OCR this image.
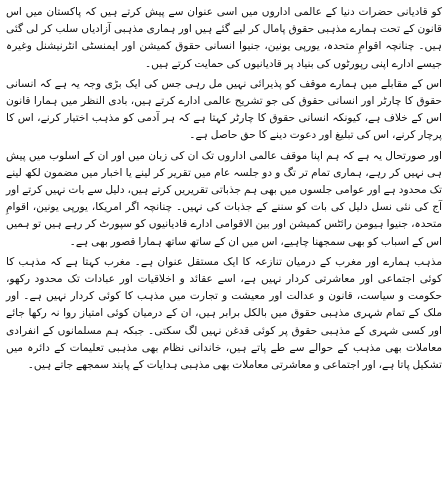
کو قادیانی حضرات دنیا کے عالمی اداروں میں اسی عنوان سے پیش کرتے ہیں کہ پاکستان میں اس قانون کے تحت ہمارے مذہبی حقوق پامال کر لیے گئے ہیں اور ہماری مذہبی آزادیاں سلب کر لی گئی ہیں۔ چنانچہ اقوامِ متحدہ، یورپی یونین، جنیوا انسانی حقوق کمیشن اور ایمنسٹی انٹرنیشنل وغیرہ جیسے ادارے اپنی رپورٹوں کی بنیاد پر قادیانیوں کی حمایت کرتے ہیں۔

اس کے مقابلے میں ہمارے موقف کو پذیرائی نہیں مل رہی جس کی ایک بڑی وجہ یہ ہے کہ انسانی حقوق کا چارٹر اور انسانی حقوق کی جو تشریح عالمی ادارے کرتے ہیں، بادی النظر میں ہمارا قانون اس کے خلاف ہے، کیونکہ انسانی حقوق کا چارٹر کہتا ہے کہ ہر آدمی کو مذہب اختیار کرنے، اس کا پرچار کرنے، اس کی تبلیغ اور دعوت دینے کا حق حاصل ہے۔

اور صورتحال یہ ہے کہ ہم اپنا موقف عالمی اداروں تک ان کی زبان میں اور ان کے اسلوب میں پیش ہی نہیں کر رہے، ہماری تمام تر تگ و دو جلسہ عام میں تقریر کر لینے یا اخبار میں مضمون لکھ لینے تک محدود ہے اور عوامی جلسوں میں بھی ہم جذباتی تقریریں کرتے ہیں، دلیل سے بات نہیں کرتے اور آج کی نئی نسل دلیل کی بات کو سننے کے جذبات کی نہیں۔ چنانچہ اگر امریکا، یورپی یونین، اقوامِ متحدہ، جنیوا ہیومن رائٹس کمیشن اور بین الاقوامی ادارے قادیانیوں کو سپورٹ کر رہے ہیں تو ہمیں اس کے اسباب کو بھی سمجھنا چاہیے، اس میں ان کے ساتھ ساتھ ہمارا قصور بھی ہے۔

مذہب ہمارے اور مغرب کے درمیان تنازعہ کا ایک مستقل عنوان ہے۔ مغرب کہتا ہے کہ مذہب کا کوئی اجتماعی اور معاشرتی کردار نہیں ہے، اسے عقائد و اخلاقیات اور عبادات تک محدود رکھو، حکومت و سیاست، قانون و عدالت اور معیشت و تجارت میں مذہب کا کوئی کردار نہیں ہے۔ اور ملک کے تمام شہری مذہبی حقوق میں بالکل برابر ہیں، ان کے درمیان کوئی امتیاز روا نہ رکھا جائے اور کسی شہری کے مذہبی حقوق پر کوئی قدغن نہیں لگ سکتی۔ جبکہ ہم مسلمانوں کے انفرادی معاملات بھی مذہب کے حوالے سے طے پاتے ہیں، خاندانی نظام بھی مذہبی تعلیمات کے دائرہ میں تشکیل پاتا ہے، اور اجتماعی و معاشرتی معاملات بھی مذہبی ہدایات کے پابند سمجھے جاتے ہیں۔
